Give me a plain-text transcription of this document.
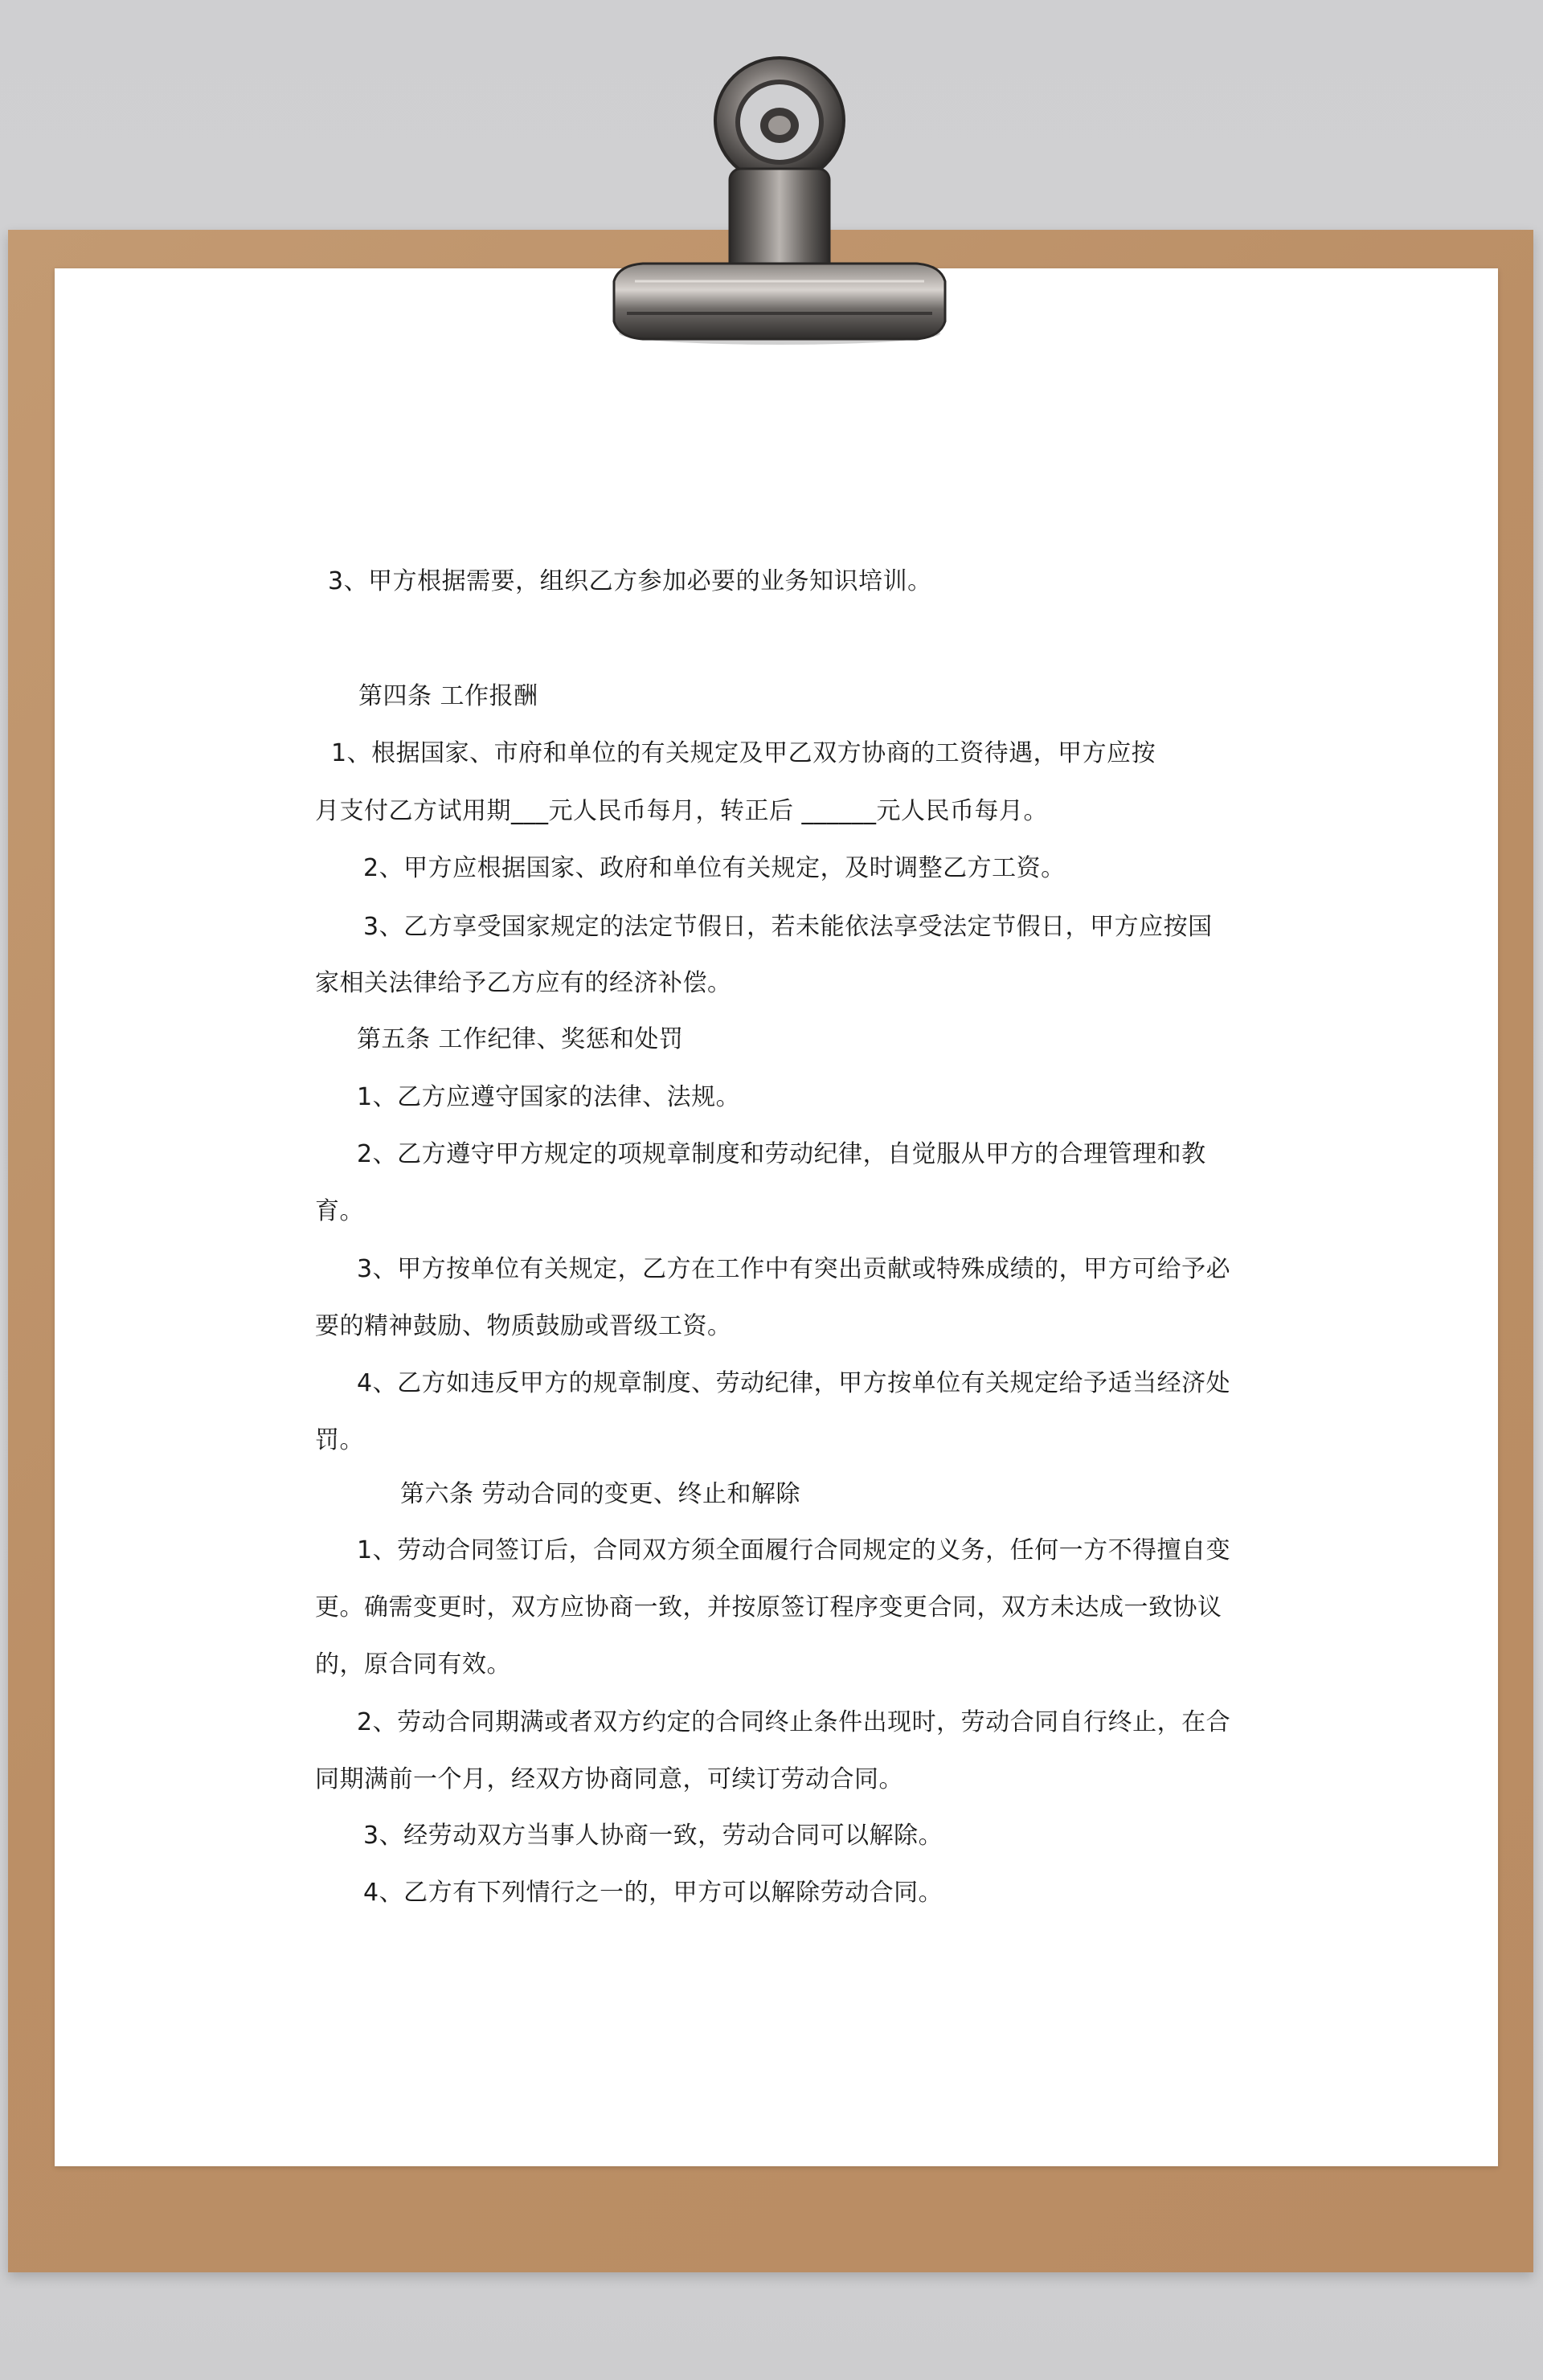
3、甲方根据需要，组织乙方参加必要的业务知识培训。

第四条 工作报酬

1、根据国家、市府和单位的有关规定及甲乙双方协商的工资待遇，甲方应按

月支付乙方试用期___元人民币每月，转正后 ______元人民币每月。

2、甲方应根据国家、政府和单位有关规定，及时调整乙方工资。

3、乙方享受国家规定的法定节假日，若未能依法享受法定节假日，甲方应按国

家相关法律给予乙方应有的经济补偿。

第五条 工作纪律、奖惩和处罚

1、乙方应遵守国家的法律、法规。

2、乙方遵守甲方规定的项规章制度和劳动纪律，自觉服从甲方的合理管理和教

育。

3、甲方按单位有关规定，乙方在工作中有突出贡献或特殊成绩的，甲方可给予必

要的精神鼓励、物质鼓励或晋级工资。

4、乙方如违反甲方的规章制度、劳动纪律，甲方按单位有关规定给予适当经济处

罚。

第六条 劳动合同的变更、终止和解除

1、劳动合同签订后，合同双方须全面履行合同规定的义务，任何一方不得擅自变

更。确需变更时，双方应协商一致，并按原签订程序变更合同，双方未达成一致协议

的，原合同有效。

2、劳动合同期满或者双方约定的合同终止条件出现时，劳动合同自行终止，在合

同期满前一个月，经双方协商同意，可续订劳动合同。

3、经劳动双方当事人协商一致，劳动合同可以解除。

4、乙方有下列情行之一的，甲方可以解除劳动合同。
